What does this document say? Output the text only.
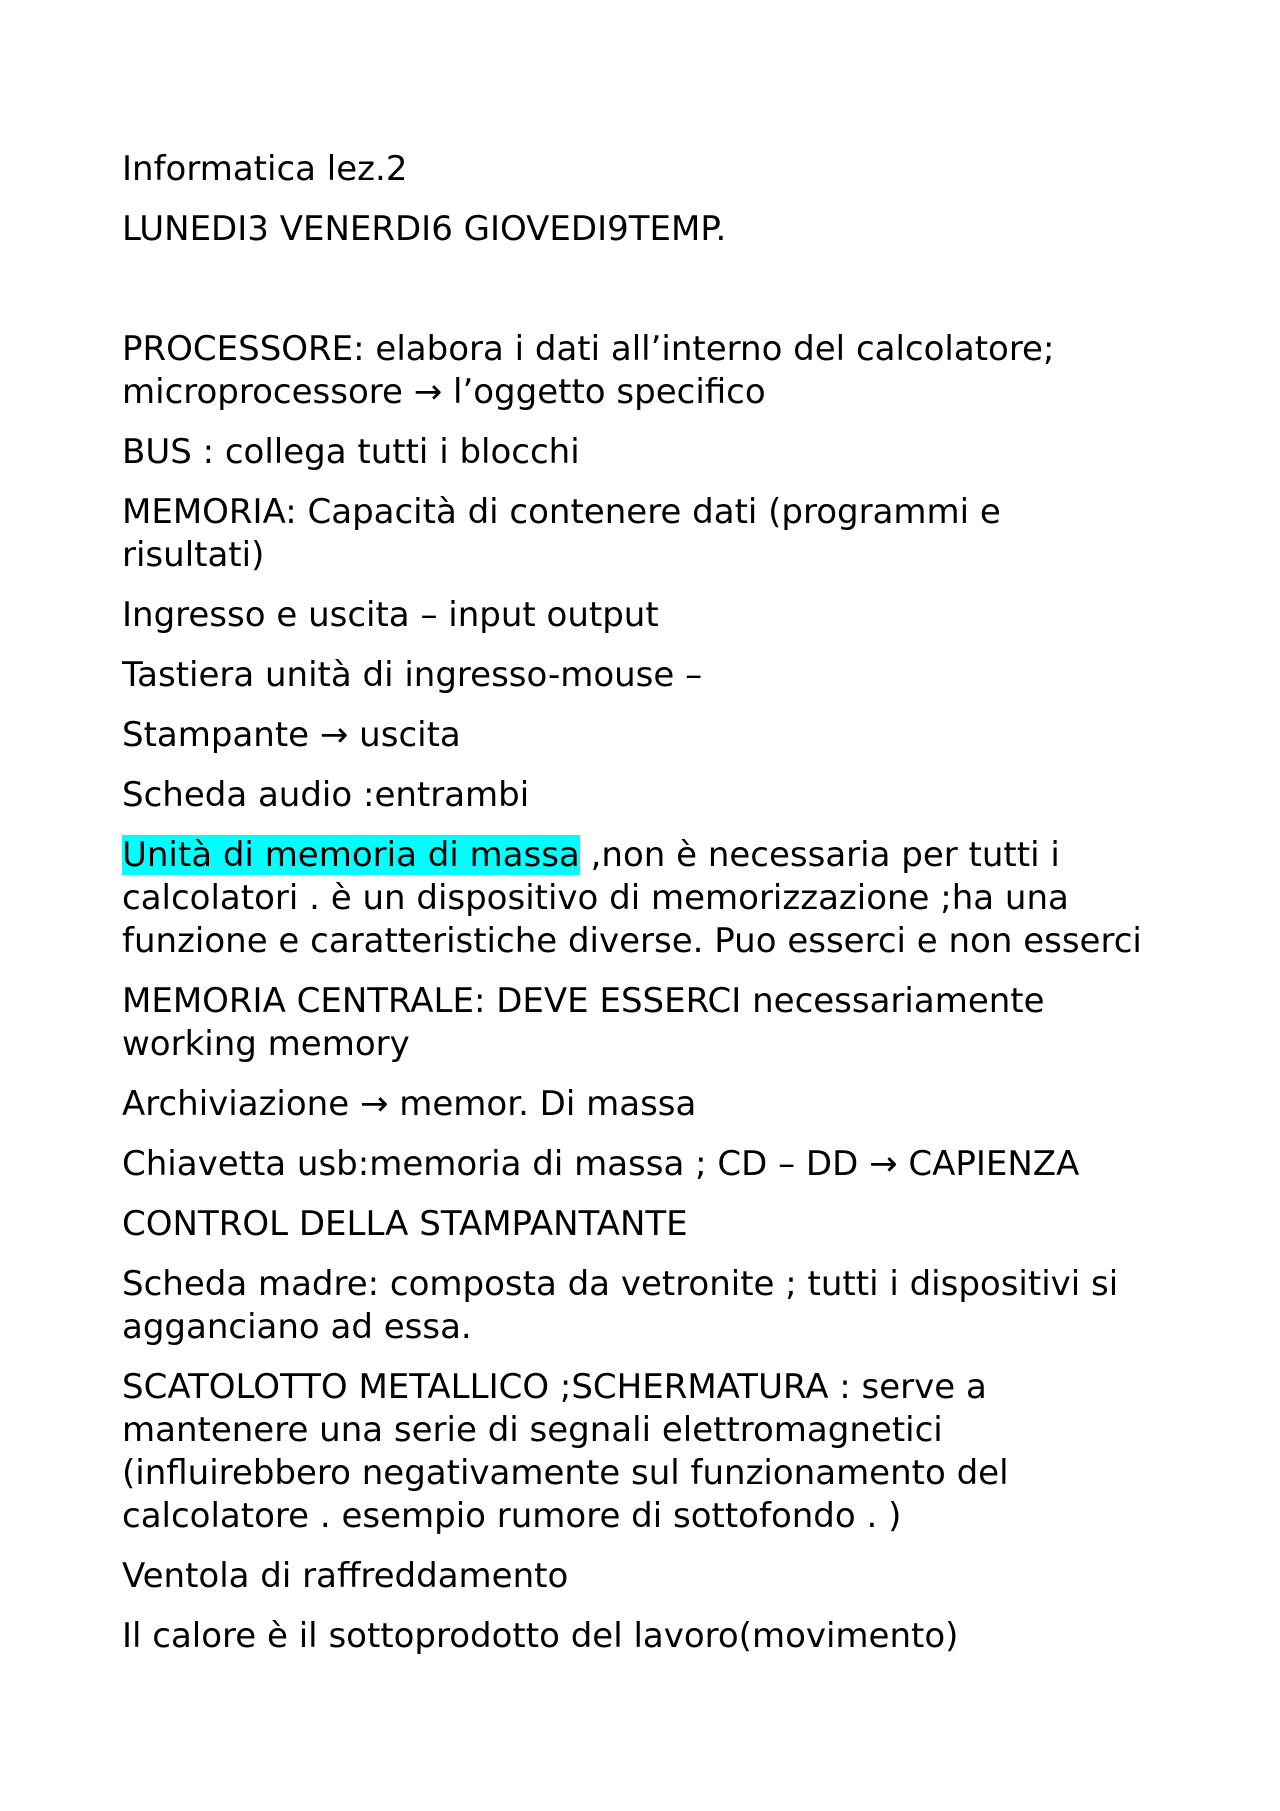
Informatica lez.2
LUNEDI3 VENERDI6 GIOVEDI9TEMP.
PROCESSORE: elabora i dati all’interno del calcolatore;
microprocessore → l’oggetto specifico
BUS : collega tutti i blocchi
MEMORIA: Capacità di contenere dati (programmi e
risultati)
Ingresso e uscita – input output
Tastiera unità di ingresso-mouse –
Stampante → uscita
Scheda audio :entrambi
Unità di memoria di massa ,non è necessaria per tutti i
calcolatori . è un dispositivo di memorizzazione ;ha una
funzione e caratteristiche diverse. Puo esserci e non esserci
MEMORIA CENTRALE: DEVE ESSERCI necessariamente
working memory
Archiviazione → memor. Di massa
Chiavetta usb:memoria di massa ; CD – DD → CAPIENZA
CONTROL DELLA STAMPANTANTE
Scheda madre: composta da vetronite ; tutti i dispositivi si
agganciano ad essa.
SCATOLOTTO METALLICO ;SCHERMATURA : serve a
mantenere una serie di segnali elettromagnetici
(influirebbero negativamente sul funzionamento del
calcolatore . esempio rumore di sottofondo . )
Ventola di raffreddamento
Il calore è il sottoprodotto del lavoro(movimento)
